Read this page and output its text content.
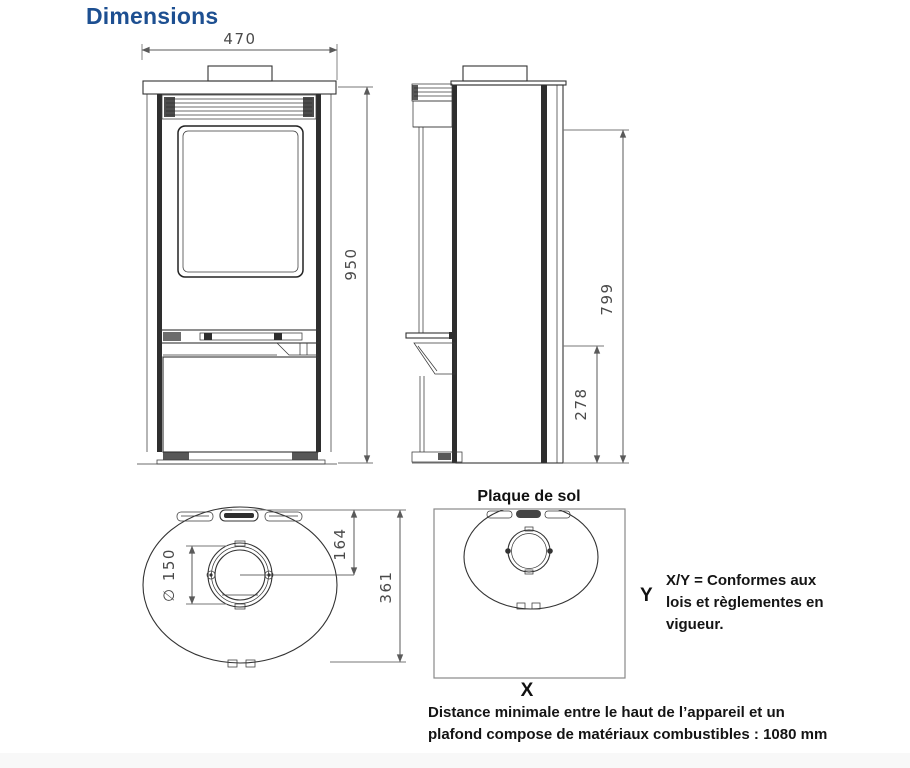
Dimensions
470
950
799
278
∅ 150
164
361
Plaque de sol
Y
X
X/Y = Conformes aux
lois et règlementes en
vigueur.
Distance minimale entre le haut de l’appareil et un
plafond compose de matériaux combustibles : 1080 mm
